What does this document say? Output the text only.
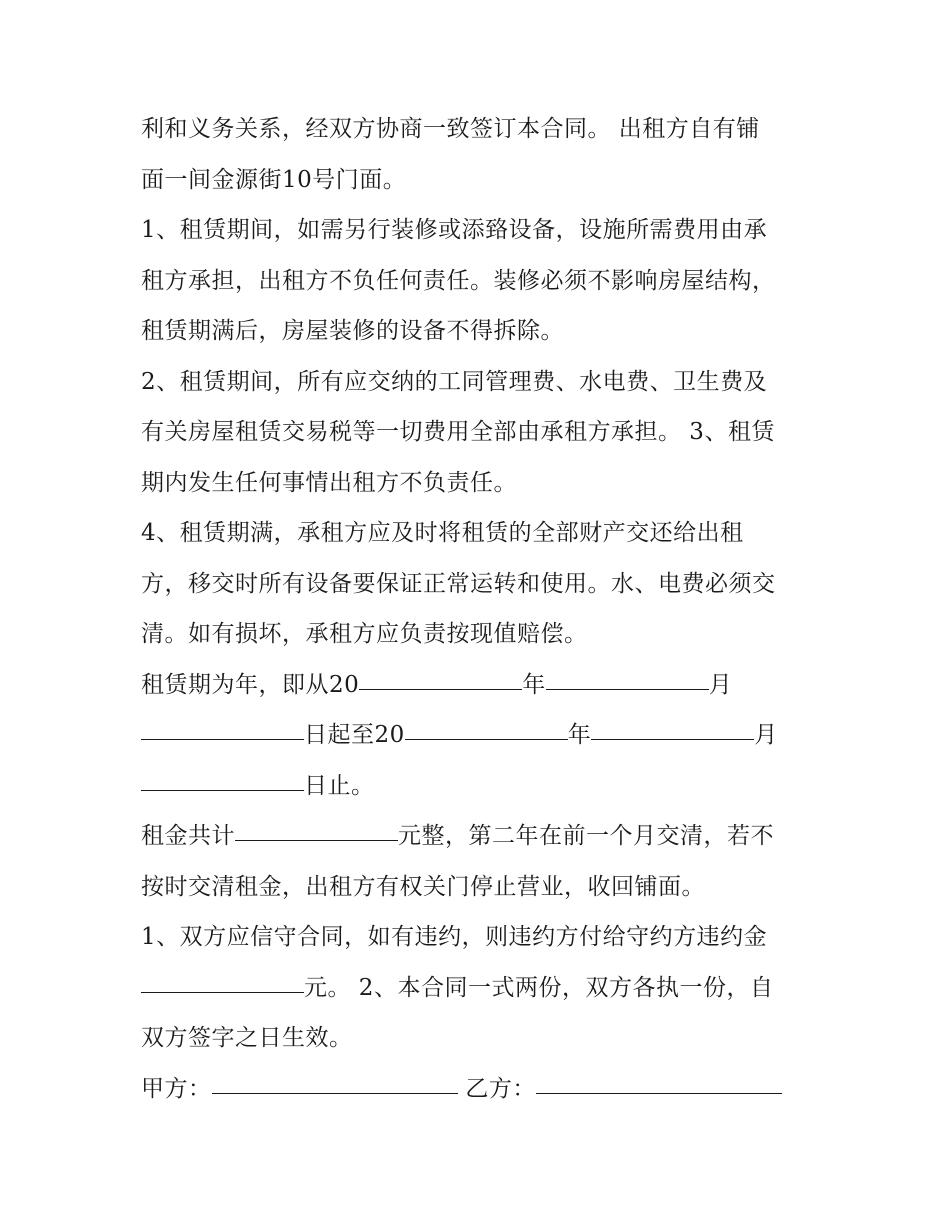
利和义务关系，经双方协商一致签订本合同。 出租方自有铺
面一间金源街10号门面。
1、租赁期间，如需另行装修或添臵设备，设施所需费用由承
租方承担，出租方不负任何责任。装修必须不影响房屋结构，
租赁期满后，房屋装修的设备不得拆除。
2、租赁期间，所有应交纳的工同管理费、水电费、卫生费及
有关房屋租赁交易税等一切费用全部由承租方承担。 3、租赁
期内发生任何事情出租方不负责任。
4、租赁期满，承租方应及时将租赁的全部财产交还给出租
方，移交时所有设备要保证正常运转和使用。水、电费必须交
清。如有损坏，承租方应负责按现值赔偿。
租赁期为年，即从20	年	月
日起至20	年	月
日止。
租金共计	元整，第二年在前一个月交清，若不
按时交清租金，出租方有权关门停止营业，收回铺面。
1、双方应信守合同，如有违约，则违约方付给守约方违约金
元。 2、本合同一式两份，双方各执一份，自
双方签字之日生效。
甲方：	乙方：
